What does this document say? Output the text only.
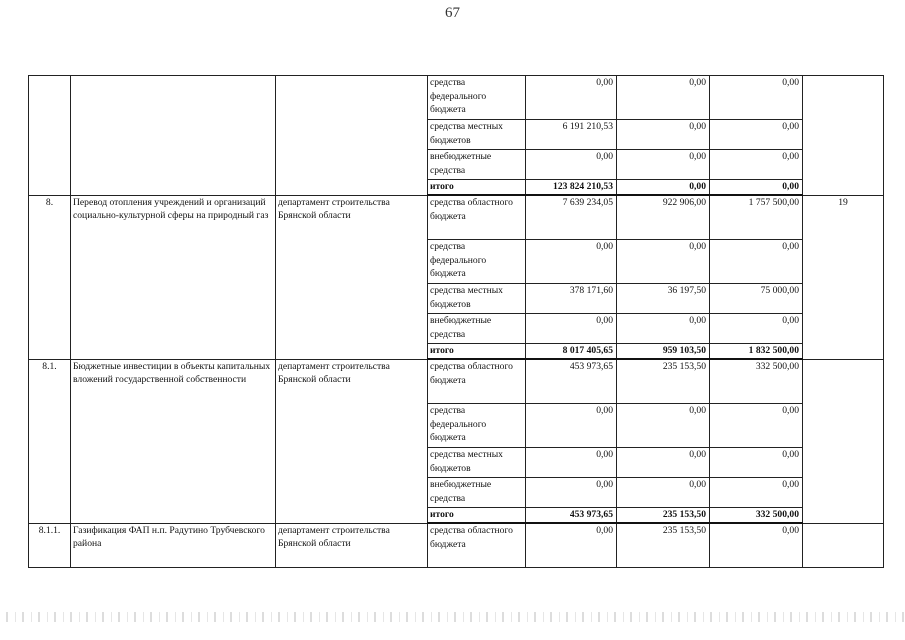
67
			средства федерального бюджета	0,00	0,00	0,00	
			средства местных бюджетов	6 191 210,53	0,00	0,00	
			внебюджетные средства	0,00	0,00	0,00	
			итого	123 824 210,53	0,00	0,00	
8.	Перевод отопления учреждений и организаций социально-культурной сферы на природный газ	департамент строительства Брянской области	средства областного бюджета	7 639 234,05	922 906,00	1 757 500,00	19
			средства федерального бюджета	0,00	0,00	0,00	
			средства местных бюджетов	378 171,60	36 197,50	75 000,00	
			внебюджетные средства	0,00	0,00	0,00	
			итого	8 017 405,65	959 103,50	1 832 500,00	
8.1.	Бюджетные инвестиции в объекты капитальных вложений государственной собственности	департамент строительства Брянской области	средства областного бюджета	453 973,65	235 153,50	332 500,00	
			средства федерального бюджета	0,00	0,00	0,00	
			средства местных бюджетов	0,00	0,00	0,00	
			внебюджетные средства	0,00	0,00	0,00	
			итого	453 973,65	235 153,50	332 500,00	
8.1.1.	Газификация ФАП н.п. Радутино Трубчевского района	департамент строительства Брянской области	средства областного бюджета	0,00	235 153,50	0,00	
